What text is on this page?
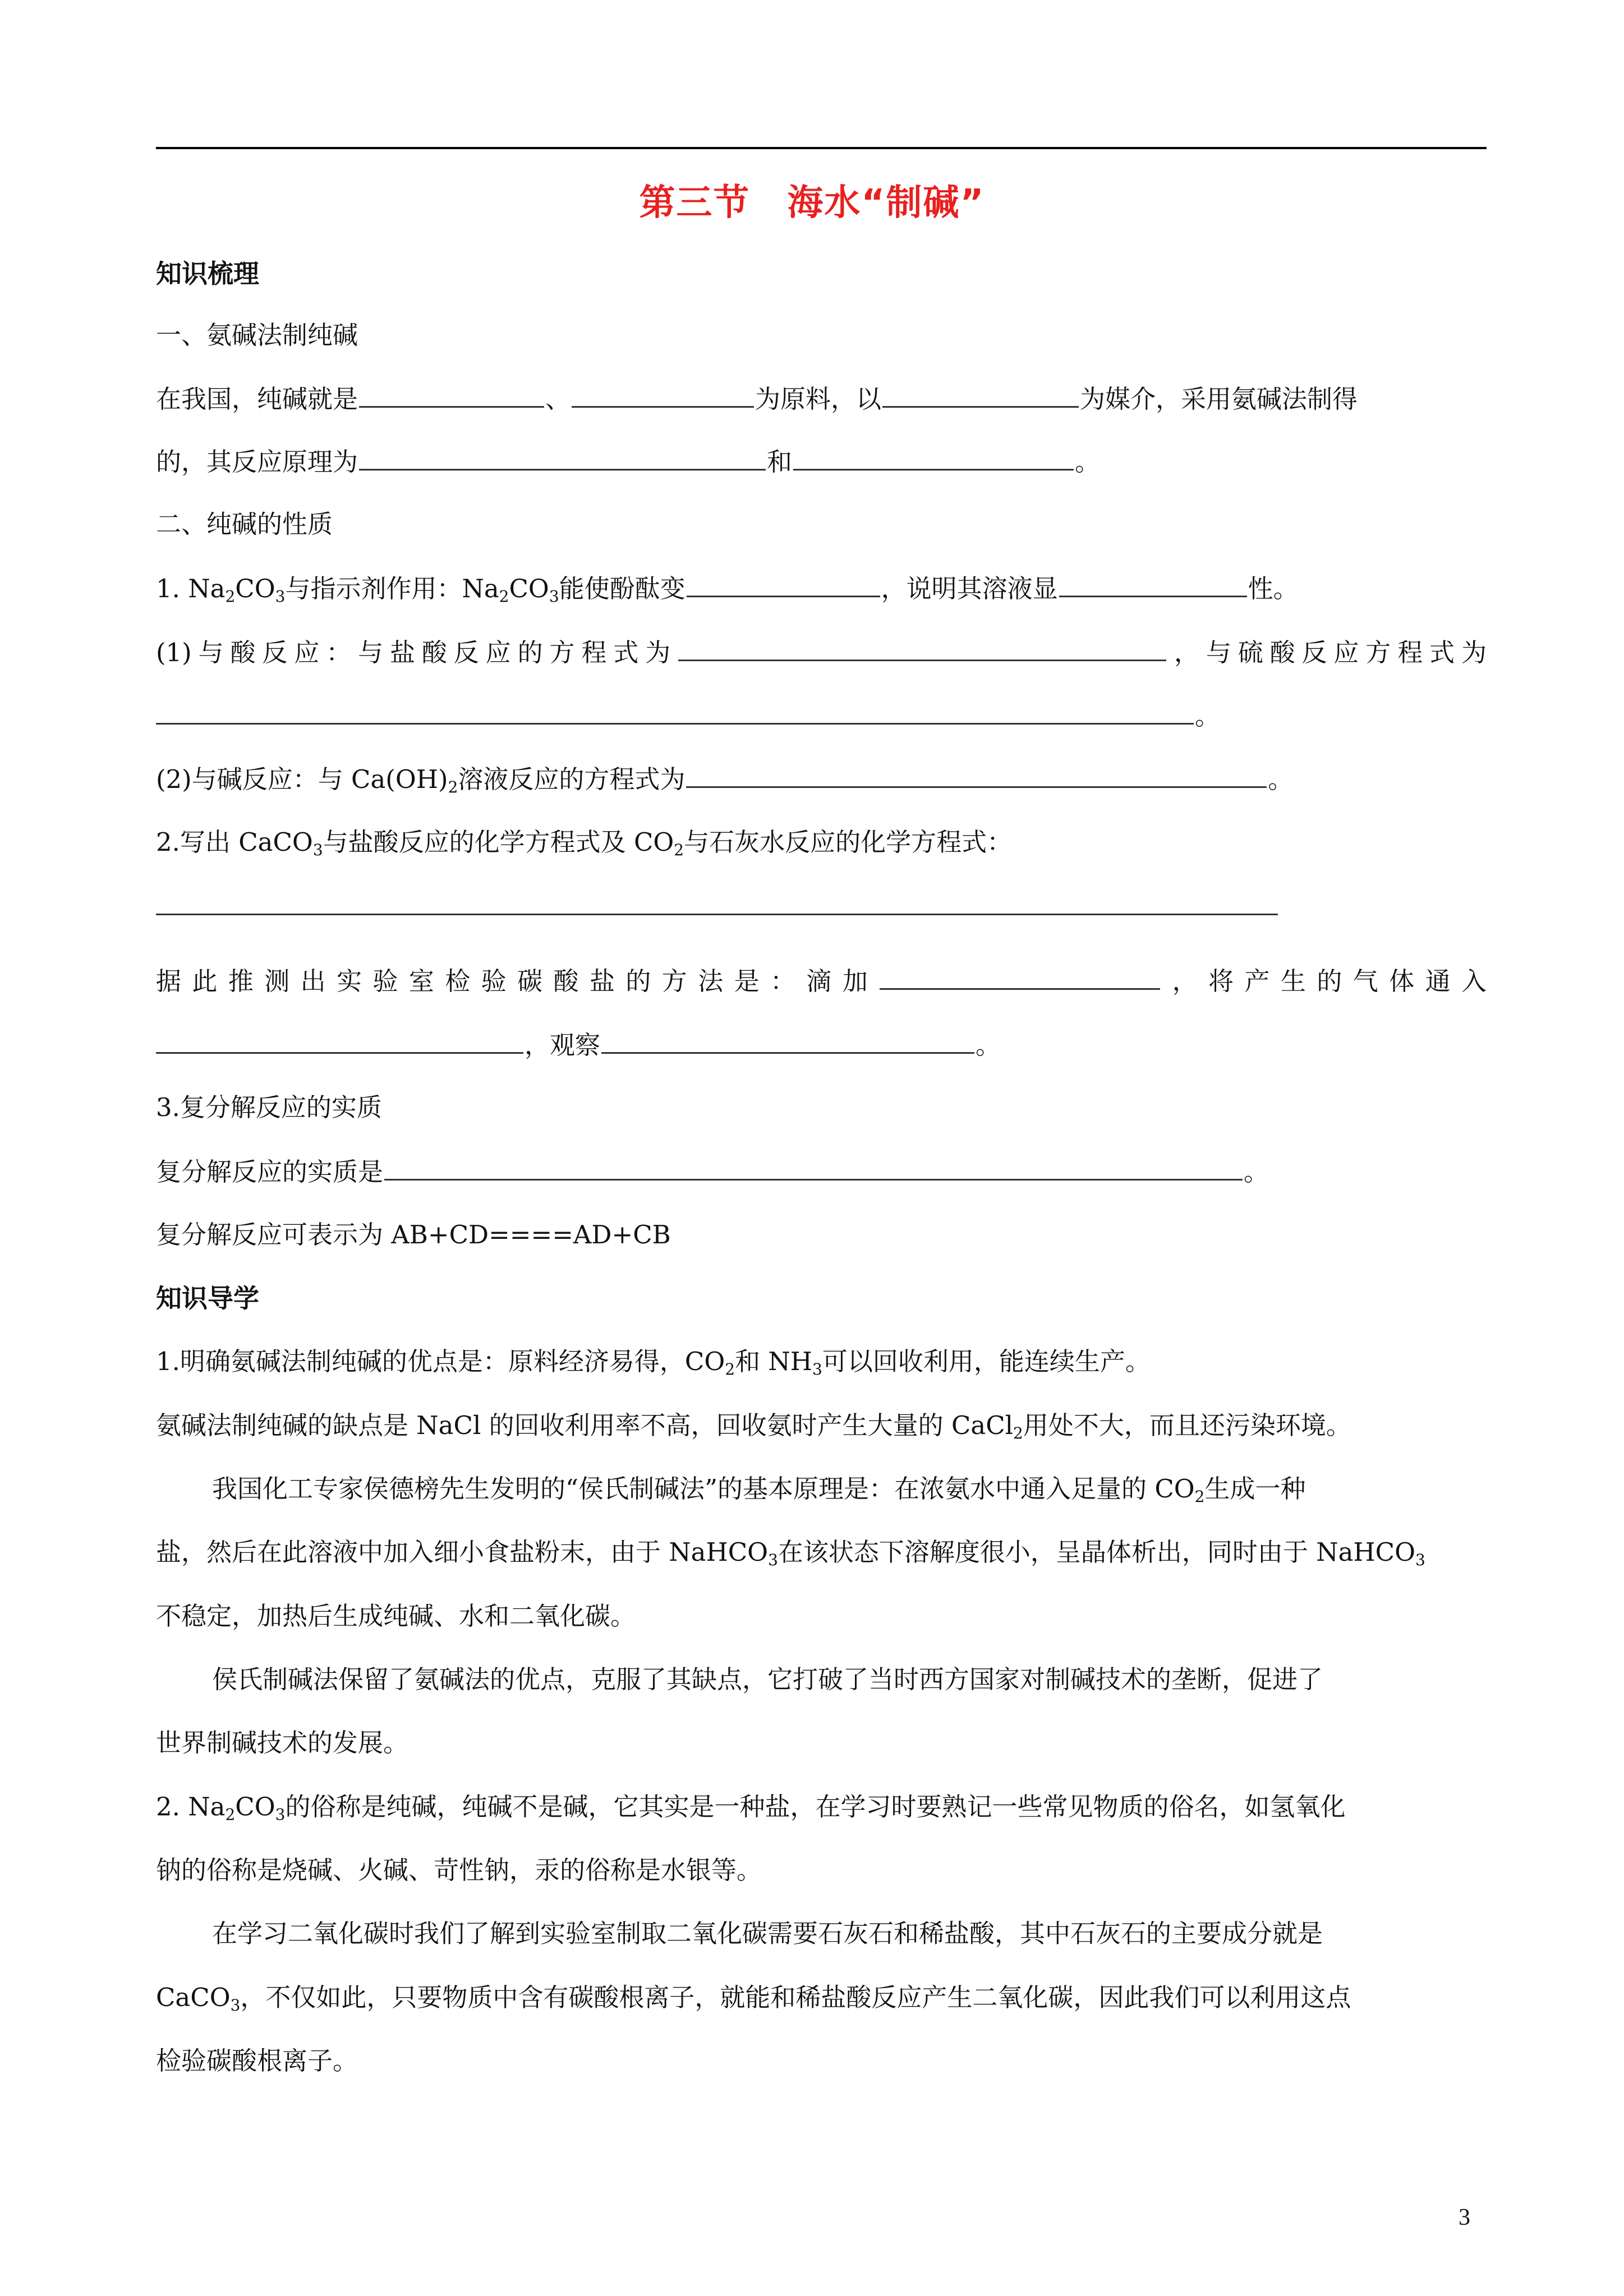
第三节　海水“制碱”
知识梳理
一、氨碱法制纯碱
在我国，纯碱就是	、	为原料，以	为媒介，采用氨碱法制得
的，其反应原理为	和	。
二、纯碱的性质
1. $Na_2CO_3$与指示剂作用：$Na_2CO_3$能使酚酞变	，说明其溶液显	性。
(1)与酸反应：与盐酸反应的方程式为	，与硫酸反应方程式为
。
(2)与碱反应：与 $Ca(OH)_2$溶液反应的方程式为	。
2.写出 CaCO$_3$与盐酸反应的化学方程式及 $CO_2$与石灰水反应的化学方程式：
据此推测出实验室检验碳酸盐的方法是：滴加	，将产生的气体通入
，观察	。
3.复分解反应的实质
复分解反应的实质是	。
复分解反应可表示为 AB+CD====AD+CB
知识导学
1.明确氨碱法制纯碱的优点是：原料经济易得，$CO_2$和 $NH_3$可以回收利用，能连续生产。
氨碱法制纯碱的缺点是 NaCl 的回收利用率不高，回收氨时产生大量的 CaCl$_2$用处不大，而且还污染环境。
我国化工专家侯德榜先生发明的“侯氏制碱法”的基本原理是：在浓氨水中通入足量的 $CO_2$生成一种
盐，然后在此溶液中加入细小食盐粉末，由于 NaHCO$_3$在该状态下溶解度很小，呈晶体析出，同时由于 NaHCO$_3$
不稳定，加热后生成纯碱、水和二氧化碳。
侯氏制碱法保留了氨碱法的优点，克服了其缺点，它打破了当时西方国家对制碱技术的垄断，促进了
世界制碱技术的发展。
2. $Na_2CO_3$的俗称是纯碱，纯碱不是碱，它其实是一种盐，在学习时要熟记一些常见物质的俗名，如氢氧化
钠的俗称是烧碱、火碱、苛性钠，汞的俗称是水银等。
在学习二氧化碳时我们了解到实验室制取二氧化碳需要石灰石和稀盐酸，其中石灰石的主要成分就是
CaCO$_3$，不仅如此，只要物质中含有碳酸根离子，就能和稀盐酸反应产生二氧化碳，因此我们可以利用这点
检验碳酸根离子。
3
